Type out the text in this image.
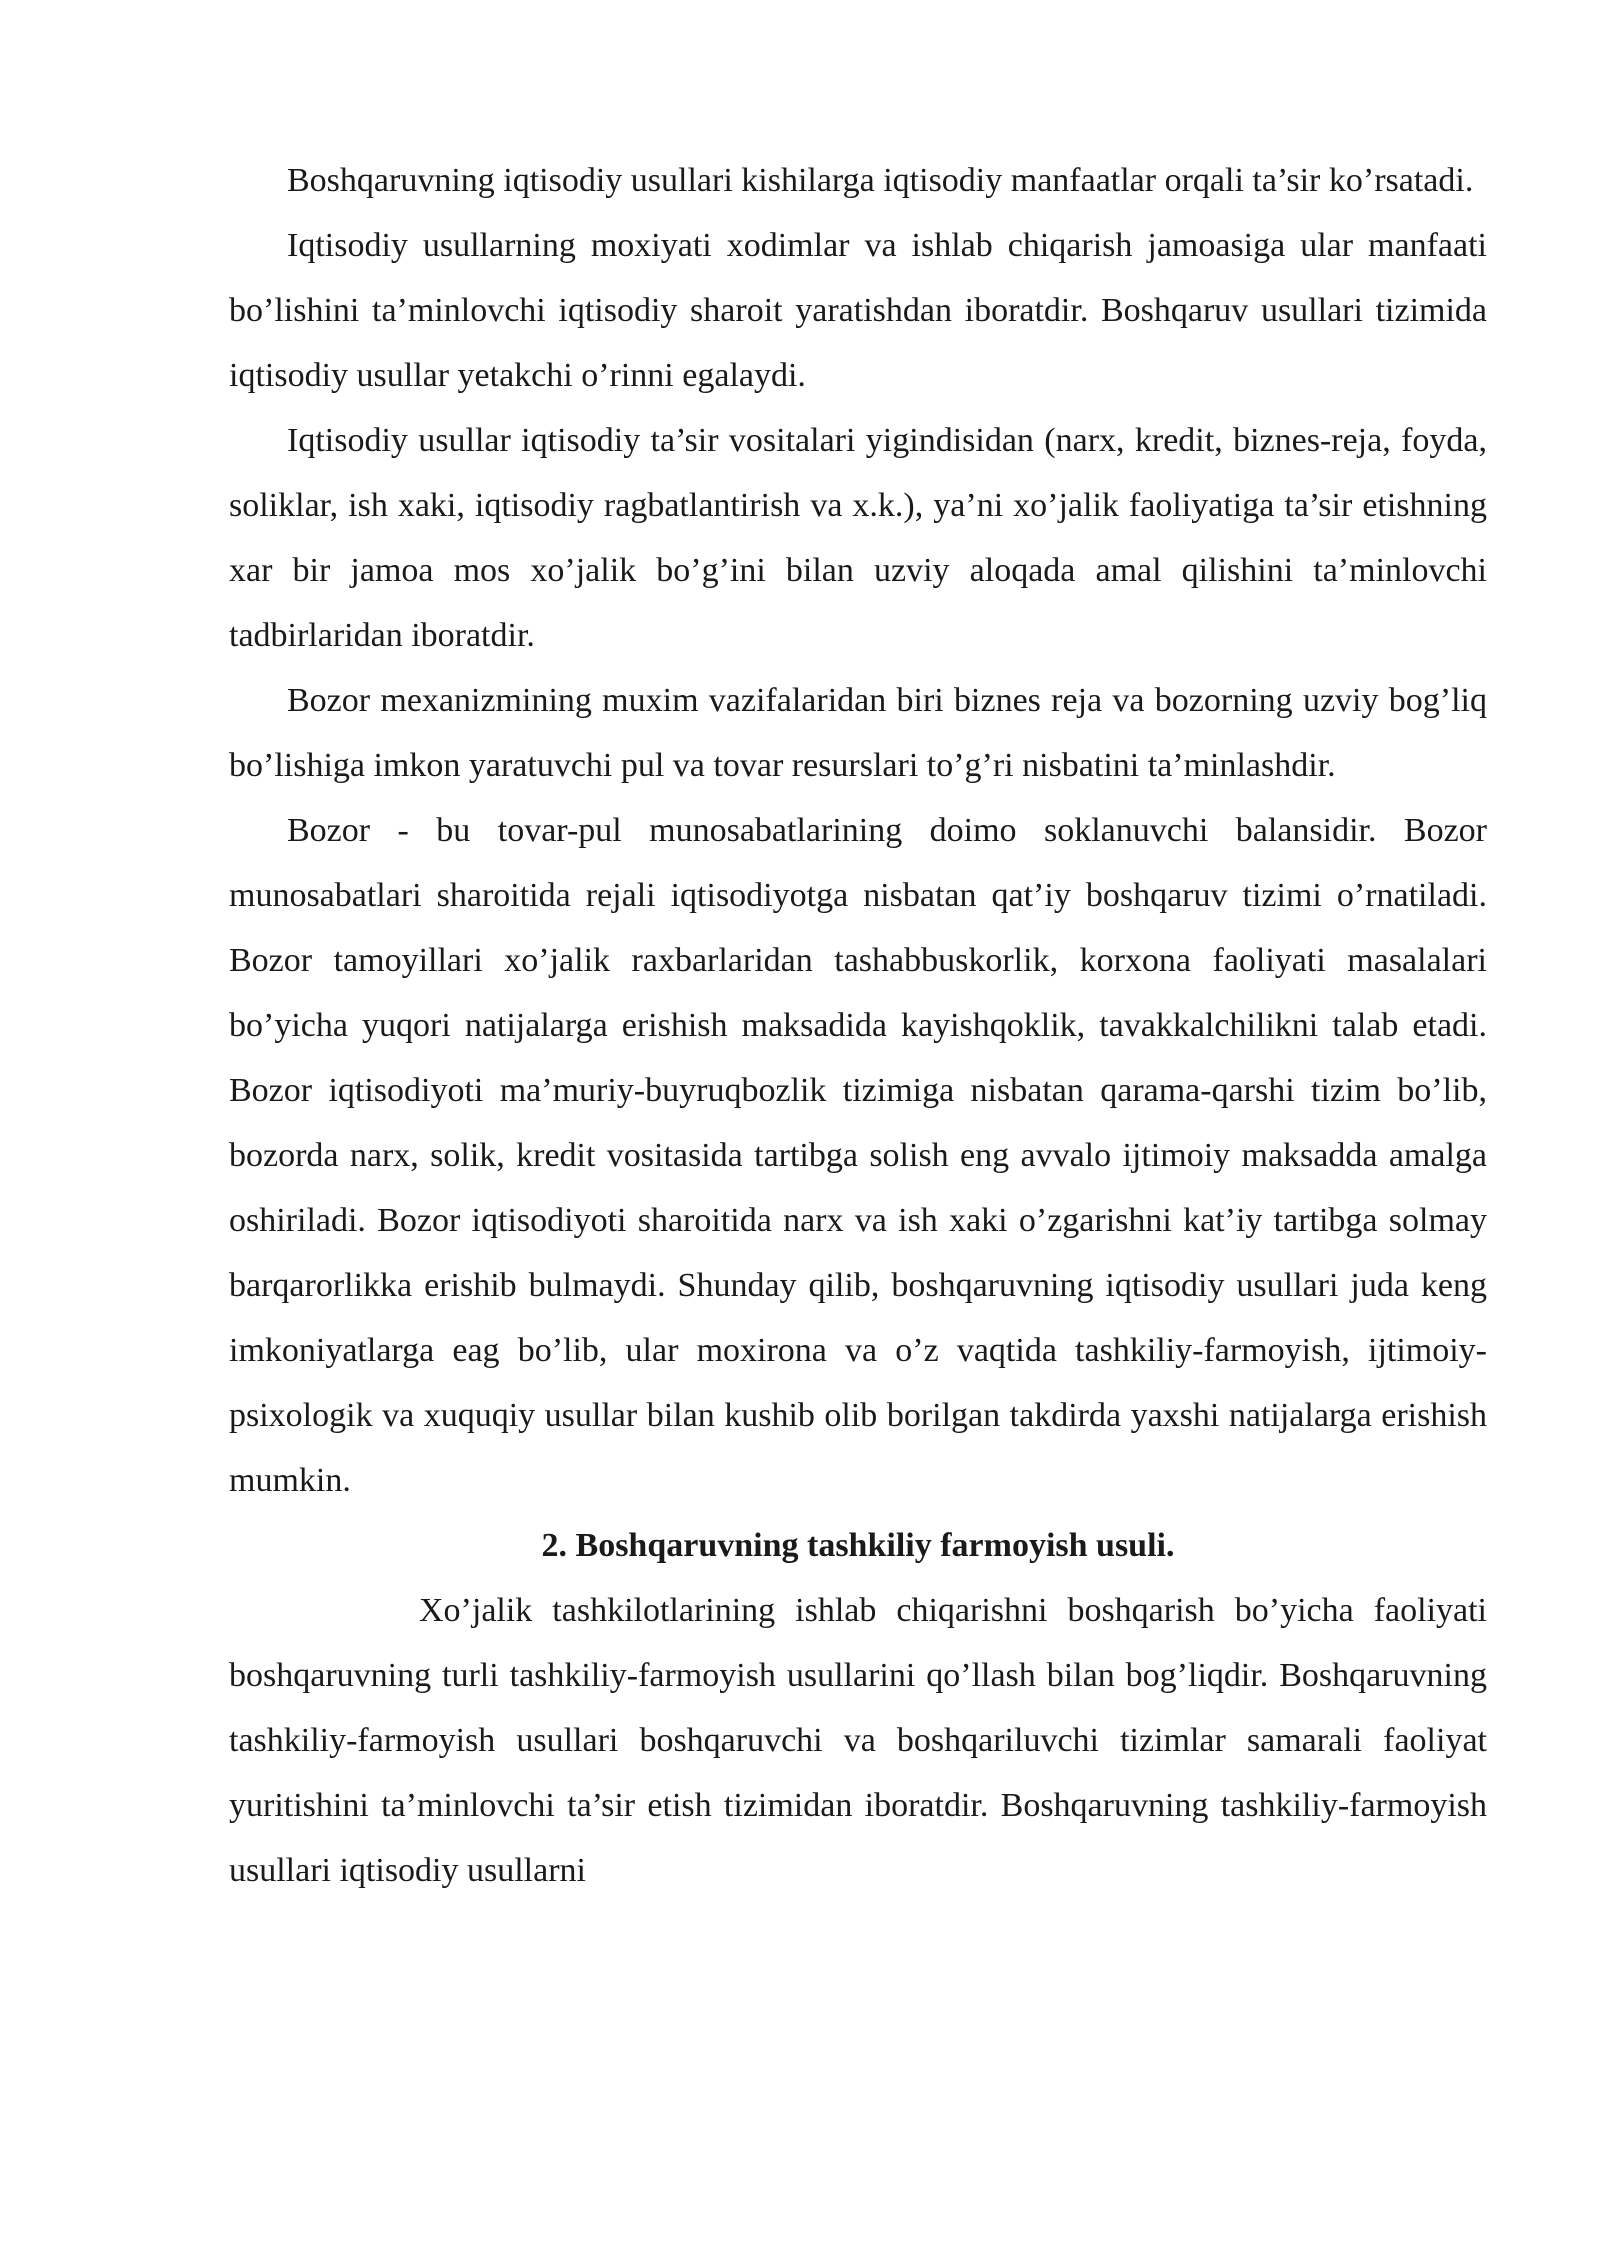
Boshqaruvning iqtisodiy usullari kishilarga iqtisodiy manfaatlar orqali ta’sir ko’rsatadi.

Iqtisodiy usullarning moxiyati xodimlar va ishlab chiqarish jamoasiga ular manfaati bo’lishini ta’minlovchi iqtisodiy sharoit yaratishdan iboratdir. Boshqaruv usullari tizimida iqtisodiy usullar yetakchi o’rinni egalaydi.

Iqtisodiy usullar iqtisodiy ta’sir vositalari yigindisidan (narx, kredit, biznes-reja, foyda, soliklar, ish xaki, iqtisodiy ragbatlantirish va x.k.), ya’ni xo’jalik faoliyatiga ta’sir etishning xar bir jamoa mos xo’jalik bo’g’ini bilan uzviy aloqada amal qilishini ta’minlovchi tadbirlaridan iboratdir.

Bozor mexanizmining muxim vazifalaridan biri biznes reja va bozorning uzviy bog’liq bo’lishiga imkon yaratuvchi pul va tovar resurslari to’g’ri nisbatini ta’minlashdir.

Bozor - bu tovar-pul munosabatlarining doimo soklanuvchi balansidir. Bozor munosabatlari sharoitida rejali iqtisodiyotga nisbatan qat’iy boshqaruv tizimi o’rnatiladi. Bozor tamoyillari xo’jalik raxbarlaridan tashabbuskorlik, korxona faoliyati masalalari bo’yicha yuqori natijalarga erishish maksadida kayishqoklik, tavakkalchilikni talab etadi. Bozor iqtisodiyoti ma’muriy-buyruqbozlik tizimiga nisbatan qarama-qarshi tizim bo’lib, bozorda narx, solik, kredit vositasida tartibga solish eng avvalo ijtimoiy maksadda amalga oshiriladi. Bozor iqtisodiyoti sharoitida narx va ish xaki o’zgarishni kat’iy tartibga solmay barqarorlikka erishib bulmaydi. Shunday qilib, boshqaruvning iqtisodiy usullari juda keng imkoniyatlarga eag bo’lib, ular moxirona va o’z vaqtida tashkiliy-farmoyish, ijtimoiy-psixologik va xuquqiy usullar bilan kushib olib borilgan takdirda yaxshi natijalarga erishish mumkin.

2. Boshqaruvning tashkiliy farmoyish usuli.

Xo’jalik tashkilotlarining ishlab chiqarishni boshqarish bo’yicha faoliyati boshqaruvning turli tashkiliy-farmoyish usullarini qo’llash bilan bog’liqdir. Boshqaruvning tashkiliy-farmoyish usullari boshqaruvchi va boshqariluvchi tizimlar samarali faoliyat yuritishini ta’minlovchi ta’sir etish tizimidan iboratdir. Boshqaruvning tashkiliy-farmoyish usullari iqtisodiy usullarni
